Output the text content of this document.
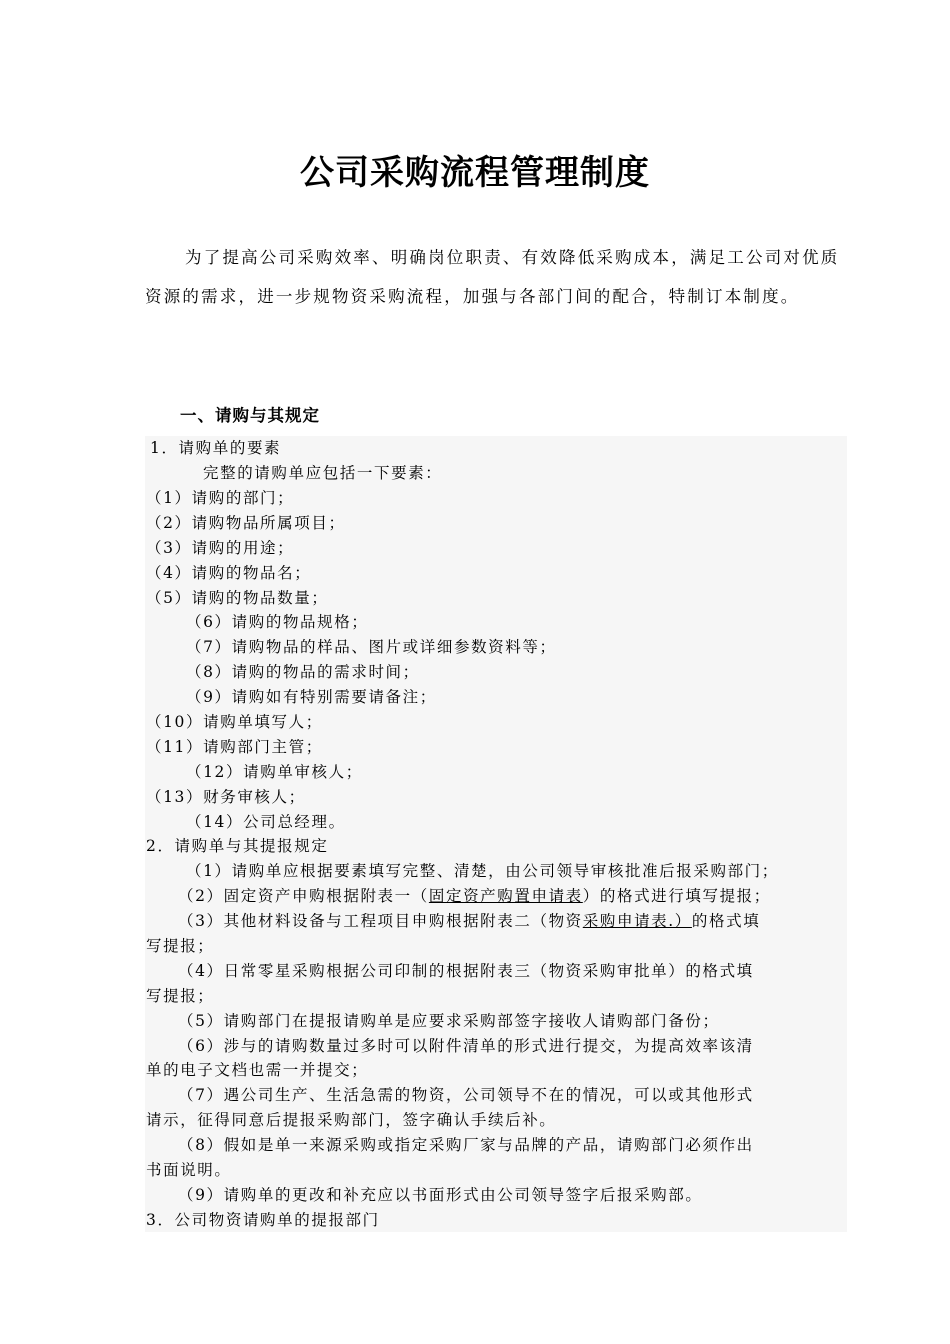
公司采购流程管理制度

为了提高公司采购效率、明确岗位职责、有效降低采购成本，满足工公司对优质资源的需求，进一步规物资采购流程，加强与各部门间的配合，特制订本制度。

一、请购与其规定
1．请购单的要素
完整的请购单应包括一下要素：
（1）请购的部门；
（2）请购物品所属项目；
（3）请购的用途；
（4）请购的物品名；
（5）请购的物品数量；
（6）请购的物品规格；
（7）请购物品的样品、图片或详细参数资料等；
（8）请购的物品的需求时间；
（9）请购如有特别需要请备注；
（10）请购单填写人；
（11）请购部门主管；
（12）请购单审核人；
（13）财务审核人；
（14）公司总经理。
2．请购单与其提报规定
（1）请购单应根据要素填写完整、清楚，由公司领导审核批准后报采购部门；
（2）固定资产申购根据附表一（固定资产购置申请表）的格式进行填写提报；
（3）其他材料设备与工程项目申购根据附表二（物资采购申请表.）的格式填
写提报；
（4）日常零星采购根据公司印制的根据附表三（物资采购审批单）的格式填
写提报；
（5）请购部门在提报请购单是应要求采购部签字接收人请购部门备份；
（6）涉与的请购数量过多时可以附件清单的形式进行提交，为提高效率该清
单的电子文档也需一并提交；
（7）遇公司生产、生活急需的物资，公司领导不在的情况，可以或其他形式
请示，征得同意后提报采购部门，签字确认手续后补。
（8）假如是单一来源采购或指定采购厂家与品牌的产品，请购部门必须作出
书面说明。
（9）请购单的更改和补充应以书面形式由公司领导签字后报采购部。
3．公司物资请购单的提报部门
